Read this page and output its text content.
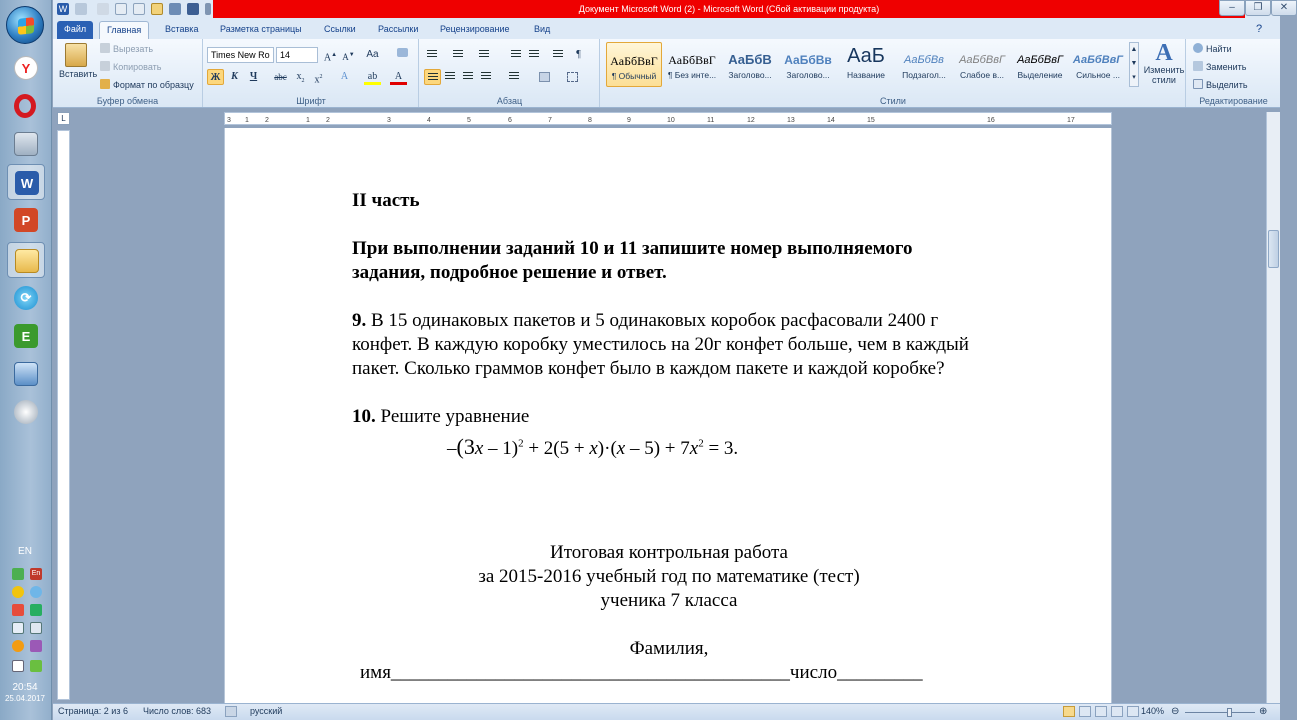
Y
W
P
⟳
E
EN
En
20:54
25.04.2017
W	Документ Microsoft Word (2) - Microsoft Word (Сбой активации продукта)	–	❐	✕
Файл	Главная	Вставка	Разметка страницы	Ссылки	Рассылки	Рецензирование	Вид	?
Вставить
Вырезать
Копировать
Формат по образцу
Буфер обмена
Times New Ro	14	A▲ A▼ Aa
Ж	К	Ч	abc $x_2$	$x^2$	A	ab	A
Шрифт
¶
Абзац
АаБбВвГ
¶ Обычный
АаБбВвГ
¶ Без инте...
АаБбВ
Заголово...
АаБбВв
Заголово...
АаБ
Название
АаБбВв
Подзагол...
АаБбВвГ
Слабое в...
АаБбВвГ
Выделение
АаБбВвГ
Сильное ...
▲
▼
▾
A
Изменить стили
Стили
Найти
Заменить
Выделить
Редактирование
L	3 1 2	1 2	3	4	5	6	7	8	9	10	11	12	13	14	15	16	17
II часть
При выполнении заданий 10 и 11 запишите номер выполняемого
задания, подробное решение и ответ.
9. В 15 одинаковых пакетов и 5 одинаковых коробок расфасовали 2400 г
конфет. В каждую коробку уместилось на 20г конфет больше, чем в каждый
пакет. Сколько граммов конфет было в каждом пакете и каждой коробке?
10. Решите уравнение
$-(3x - 1)^2 + 2(5 + x)\cdot(x - 5) + 7x^2 = 3$.
Итоговая контрольная работа
за 2015-2016 учебный год по математике (тест)
ученика 7 класса
Фамилия,
имя__________________________________________число_________
Страница: 2 из 6 Число слов: 683	русский	140% ⊖	⊕
